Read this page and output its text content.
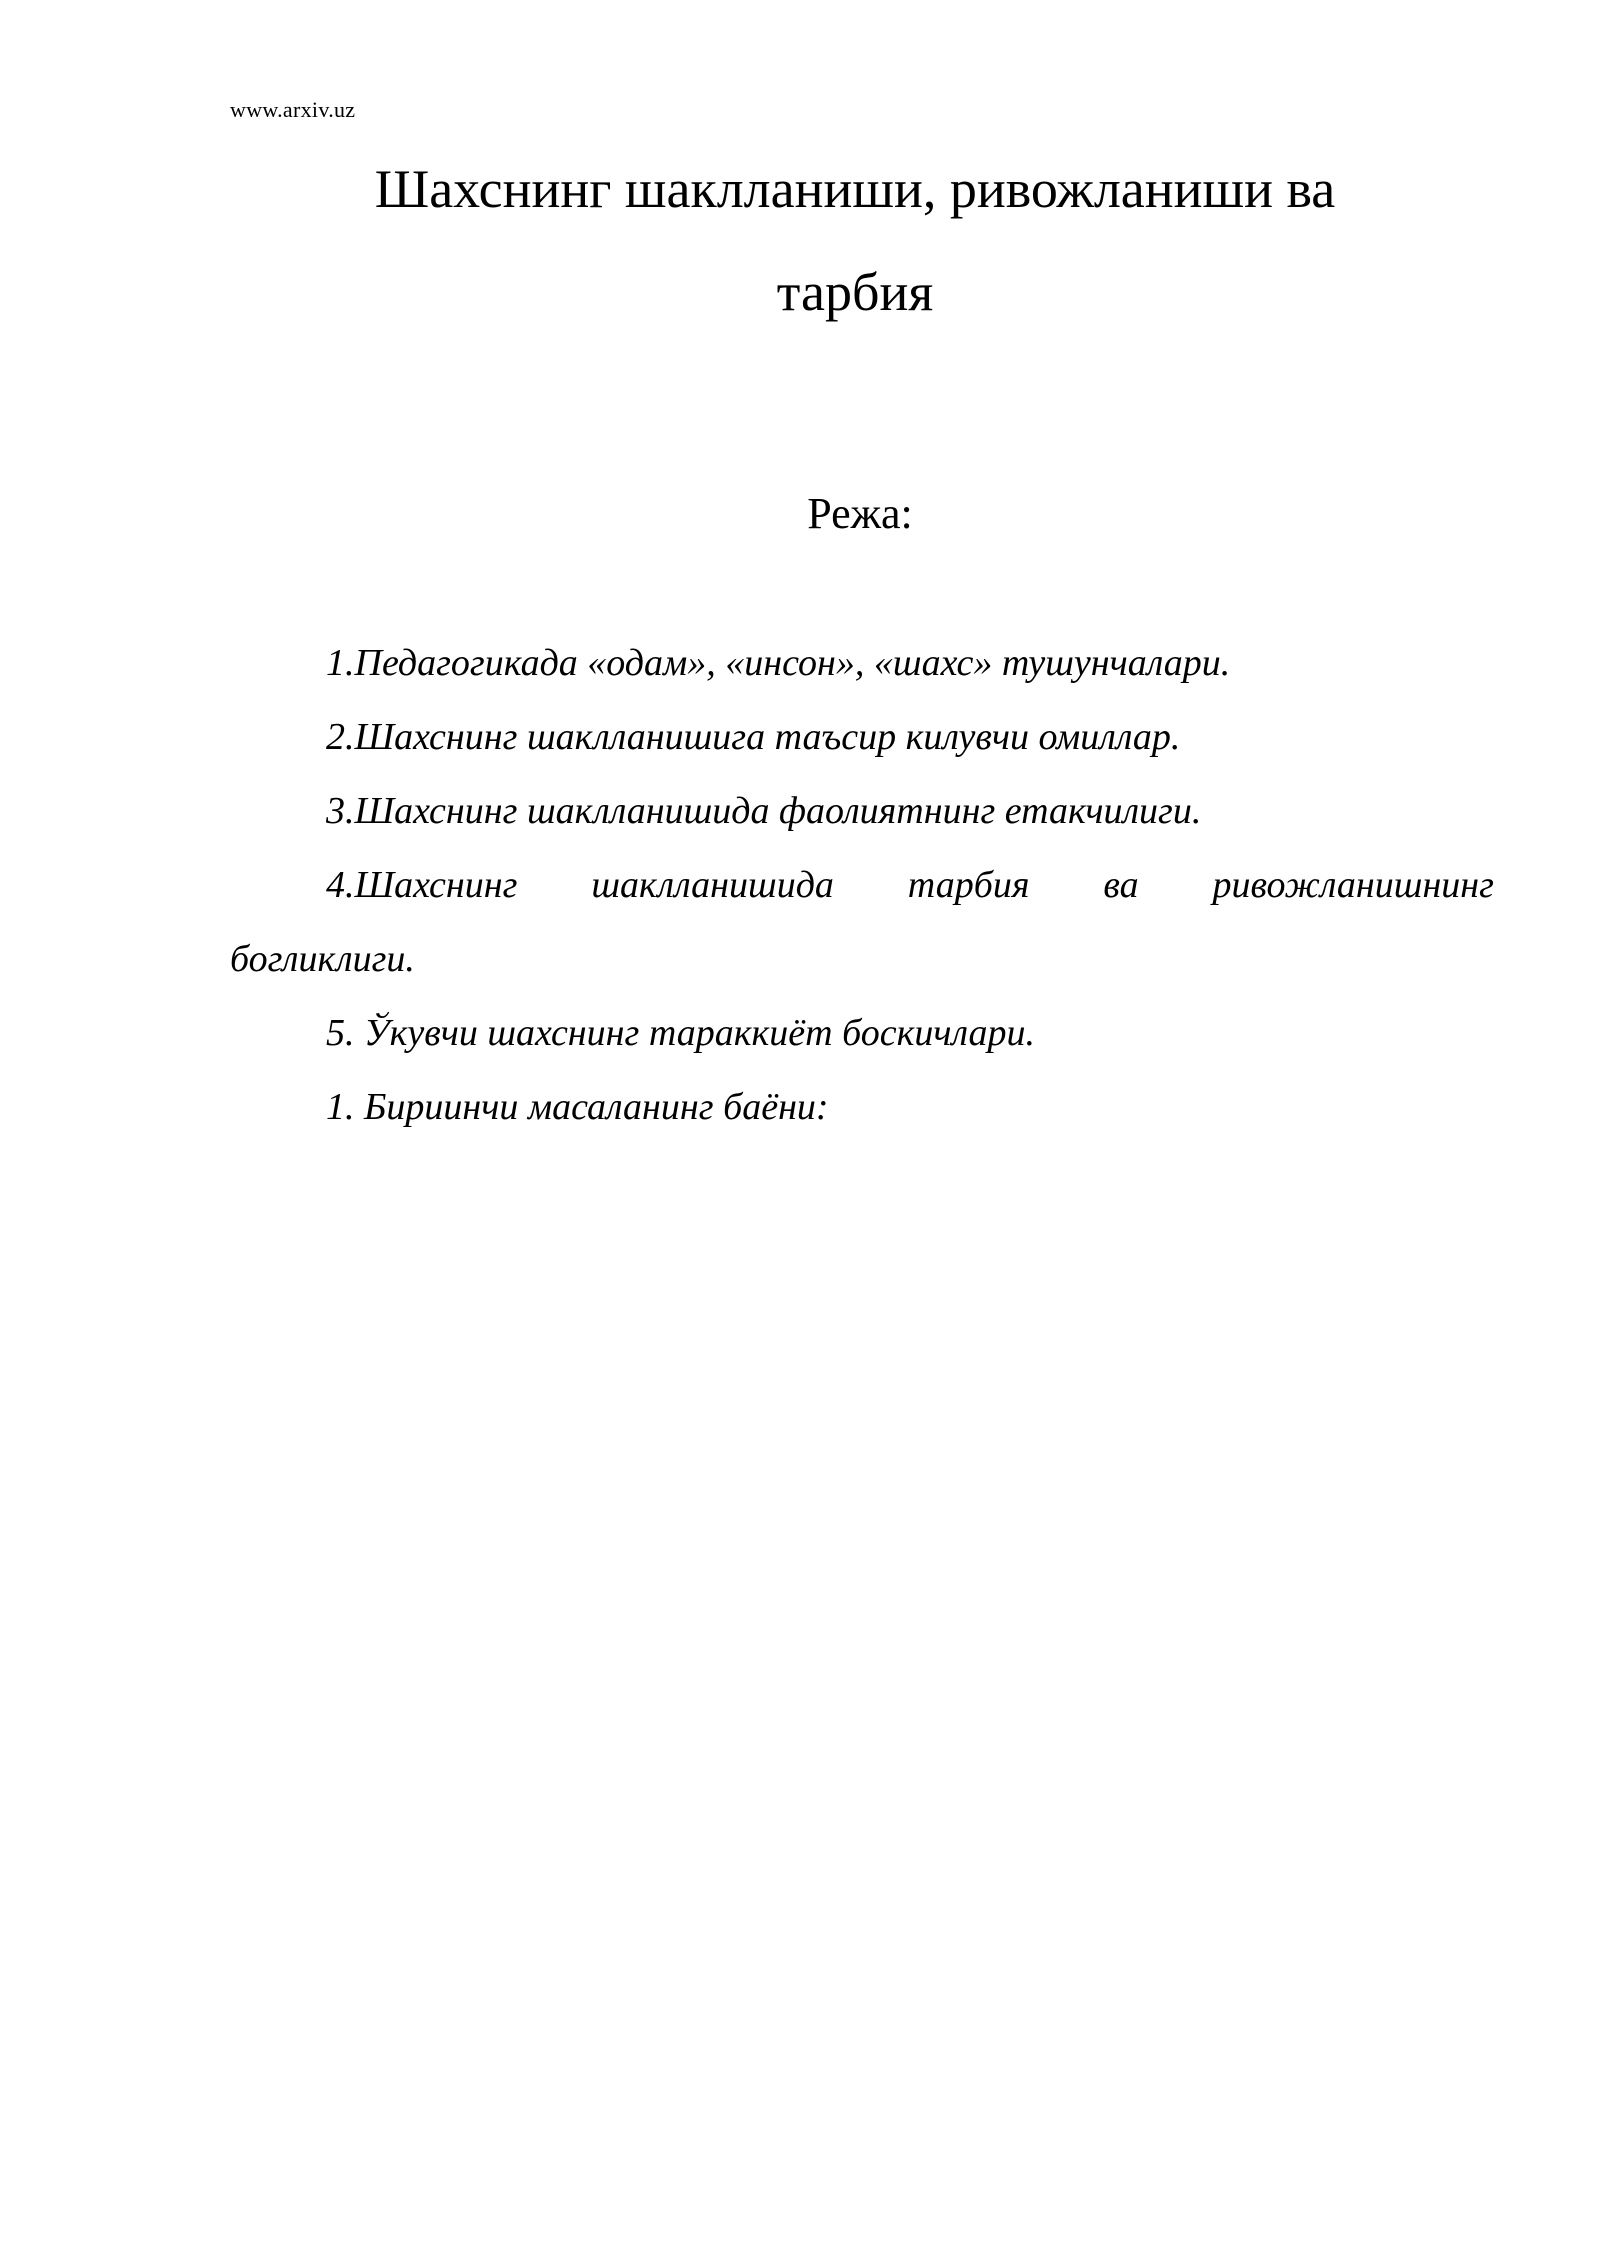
www.arxiv.uz
Шахснинг шаклланиши, ривожланиши ва
тарбия
Режа:
1.Педагогикада «одам», «инсон», «шахс» тушунчалари.
2.Шахснинг шаклланишига таъсир килувчи омиллар.
3.Шахснинг шаклланишида фаолиятнинг етакчилиги.
4.Шахснинг шаклланишида тарбия ва ривожланишнинг
богликлиги.
5. Ўкувчи шахснинг тараккиёт боскичлари.
1. Бириинчи масаланинг баёни:
